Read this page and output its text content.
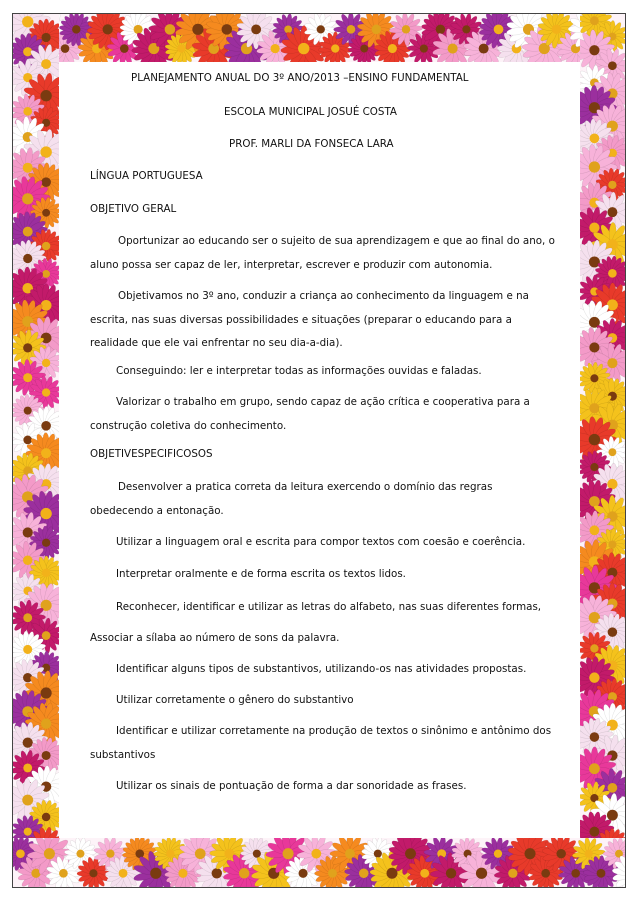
PLANEJAMENTO ANUAL DO 3º ANO/2013 –ENSINO FUNDAMENTAL
ESCOLA MUNICIPAL JOSUÉ COSTA
PROF. MARLI DA FONSECA LARA
LÍNGUA PORTUGUESA
OBJETIVO GERAL
Oportunizar ao educando ser o sujeito de sua aprendizagem e que ao final do ano, o aluno possa ser capaz de ler, interpretar, escrever e produzir com autonomia.
Objetivamos no 3º ano, conduzir a criança ao conhecimento da linguagem e na escrita, nas suas diversas possibilidades e situações (preparar o educando para a realidade que ele vai enfrentar no seu dia-a-dia).
Conseguindo: ler e interpretar todas as informações ouvidas e faladas.
Valorizar o trabalho em grupo, sendo capaz de ação crítica e cooperativa para a construção coletiva do conhecimento.
OBJETIVESPECIFICOSOS
Desenvolver a pratica correta da leitura exercendo o domínio das regras obedecendo a entonação.
Utilizar a linguagem oral e escrita para compor textos com coesão e coerência.
Interpretar oralmente e de forma escrita os textos lidos.
Reconhecer, identificar e utilizar as letras do alfabeto, nas suas diferentes formas,
Associar a sílaba ao número de sons da palavra.
Identificar alguns tipos de substantivos, utilizando-os nas atividades propostas.
Utilizar corretamente o gênero do substantivo
Identificar e utilizar corretamente na produção de textos o sinônimo e antônimo dos substantivos
Utilizar os sinais de pontuação de forma a dar sonoridade as frases.
